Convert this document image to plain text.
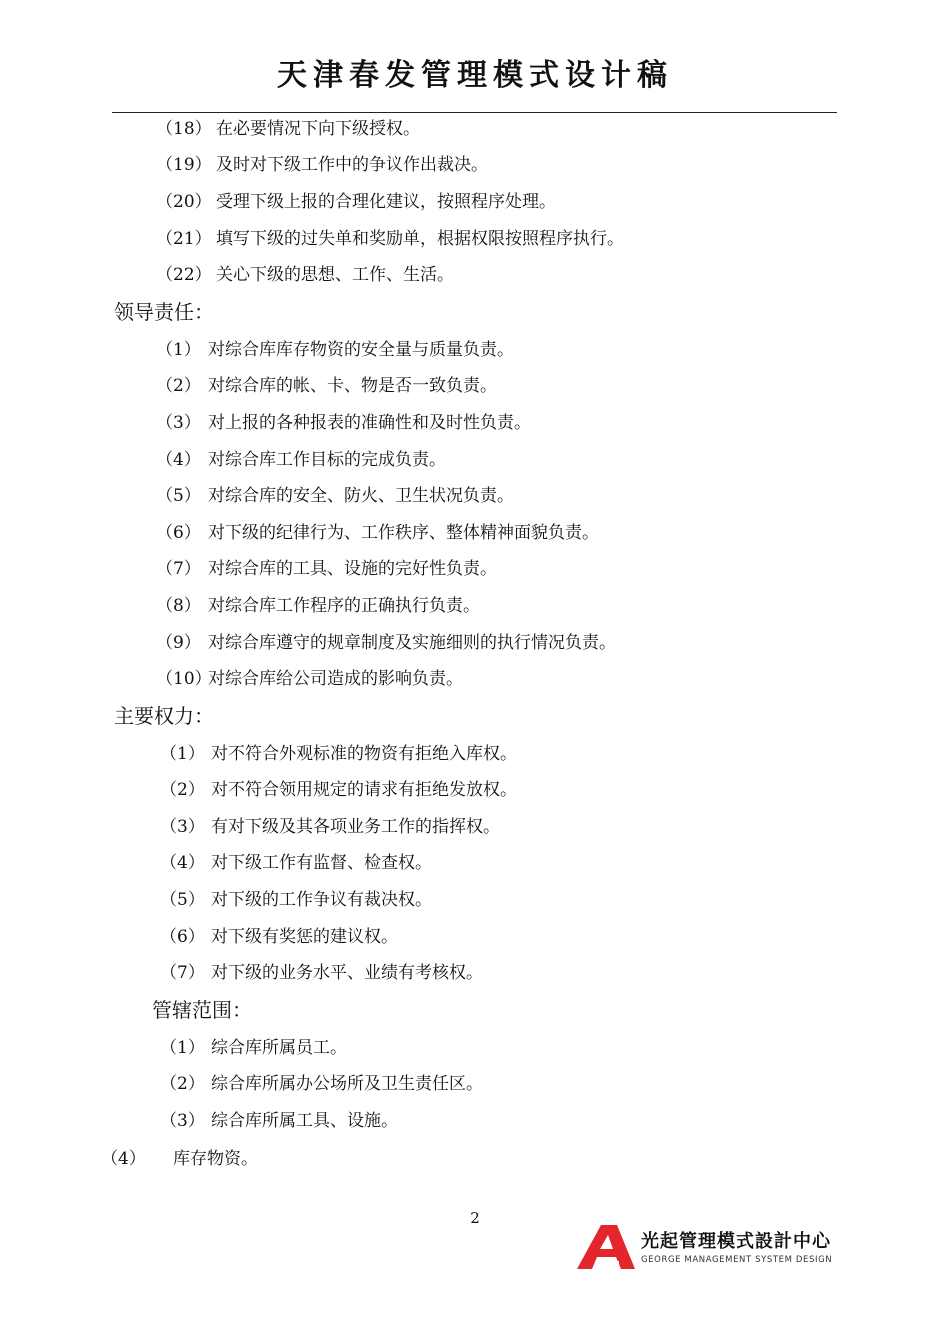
天津春发管理模式设计稿
（18） 在必要情况下向下级授权。
（19） 及时对下级工作中的争议作出裁决。
（20） 受理下级上报的合理化建议，按照程序处理。
（21） 填写下级的过失单和奖励单，根据权限按照程序执行。
（22） 关心下级的思想、工作、生活。
领导责任：
（1） 对综合库库存物资的安全量与质量负责。
（2） 对综合库的帐、卡、物是否一致负责。
（3） 对上报的各种报表的准确性和及时性负责。
（4） 对综合库工作目标的完成负责。
（5） 对综合库的安全、防火、卫生状况负责。
（6） 对下级的纪律行为、工作秩序、整体精神面貌负责。
（7） 对综合库的工具、设施的完好性负责。
（8） 对综合库工作程序的正确执行负责。
（9） 对综合库遵守的规章制度及实施细则的执行情况负责。
（10）对综合库给公司造成的影响负责。
主要权力：
（1） 对不符合外观标准的物资有拒绝入库权。
（2） 对不符合领用规定的请求有拒绝发放权。
（3） 有对下级及其各项业务工作的指挥权。
（4） 对下级工作有监督、检查权。
（5） 对下级的工作争议有裁决权。
（6） 对下级有奖惩的建议权。
（7） 对下级的业务水平、业绩有考核权。
管辖范围：
（1） 综合库所属员工。
（2） 综合库所属办公场所及卫生责任区。
（3） 综合库所属工具、设施。
（4） 库存物资。
2
光起管理模式設計中心
GEORGE MANAGEMENT SYSTEM DESIGN
